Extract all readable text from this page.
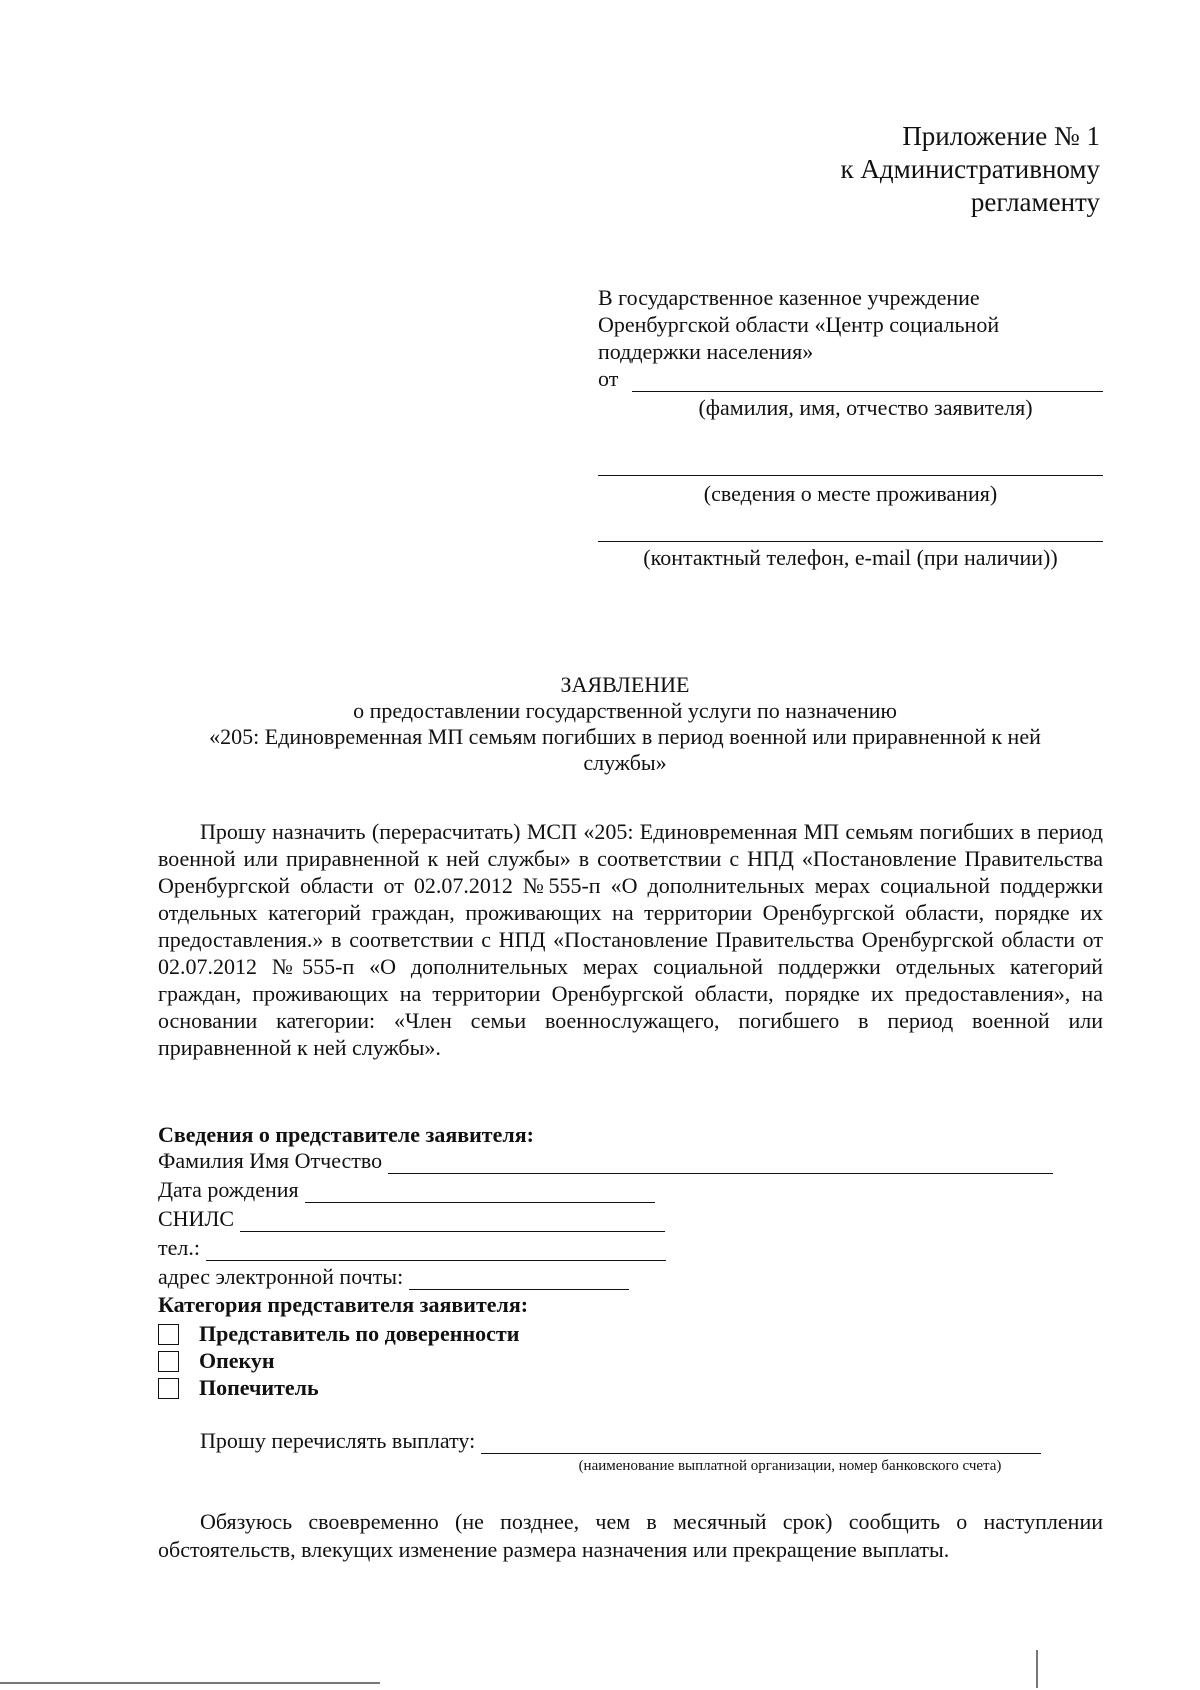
Приложение № 1
к Административному
регламенту
В государственное казенное учреждение Оренбургской области «Центр социальной поддержки населения»
от
(фамилия, имя, отчество заявителя)
(сведения о месте проживания)
(контактный телефон, e-mail (при наличии))
ЗАЯВЛЕНИЕ
о предоставлении государственной услуги по назначению
«205: Единовременная МП семьям погибших в период военной или приравненной к ней
службы»
Прошу назначить (перерасчитать) МСП «205: Единовременная МП семьям погибших в период военной или приравненной к ней службы» в соответствии с НПД «Постановление Правительства Оренбургской области от 02.07.2012 №555-п «О дополнительных мерах социальной поддержки отдельных категорий граждан, проживающих на территории Оренбургской области, порядке их предоставления.» в соответствии с НПД «Постановление Правительства Оренбургской области от 02.07.2012 №555-п «О дополнительных мерах социальной поддержки отдельных категорий граждан, проживающих на территории Оренбургской области, порядке их предоставления», на основании категории: «Член семьи военнослужащего, погибшего в период военной или приравненной к ней службы».
Сведения о представителе заявителя:
Фамилия Имя Отчество
Дата рождения
СНИЛС
тел.:
адрес электронной почты:
Категория представителя заявителя:
Представитель по доверенности
Опекун
Попечитель
Прошу перечислять выплату:
(наименование выплатной организации, номер банковского счета)
Обязуюсь своевременно (не позднее, чем в месячный срок) сообщить о наступлении обстоятельств, влекущих изменение размера назначения или прекращение выплаты.
